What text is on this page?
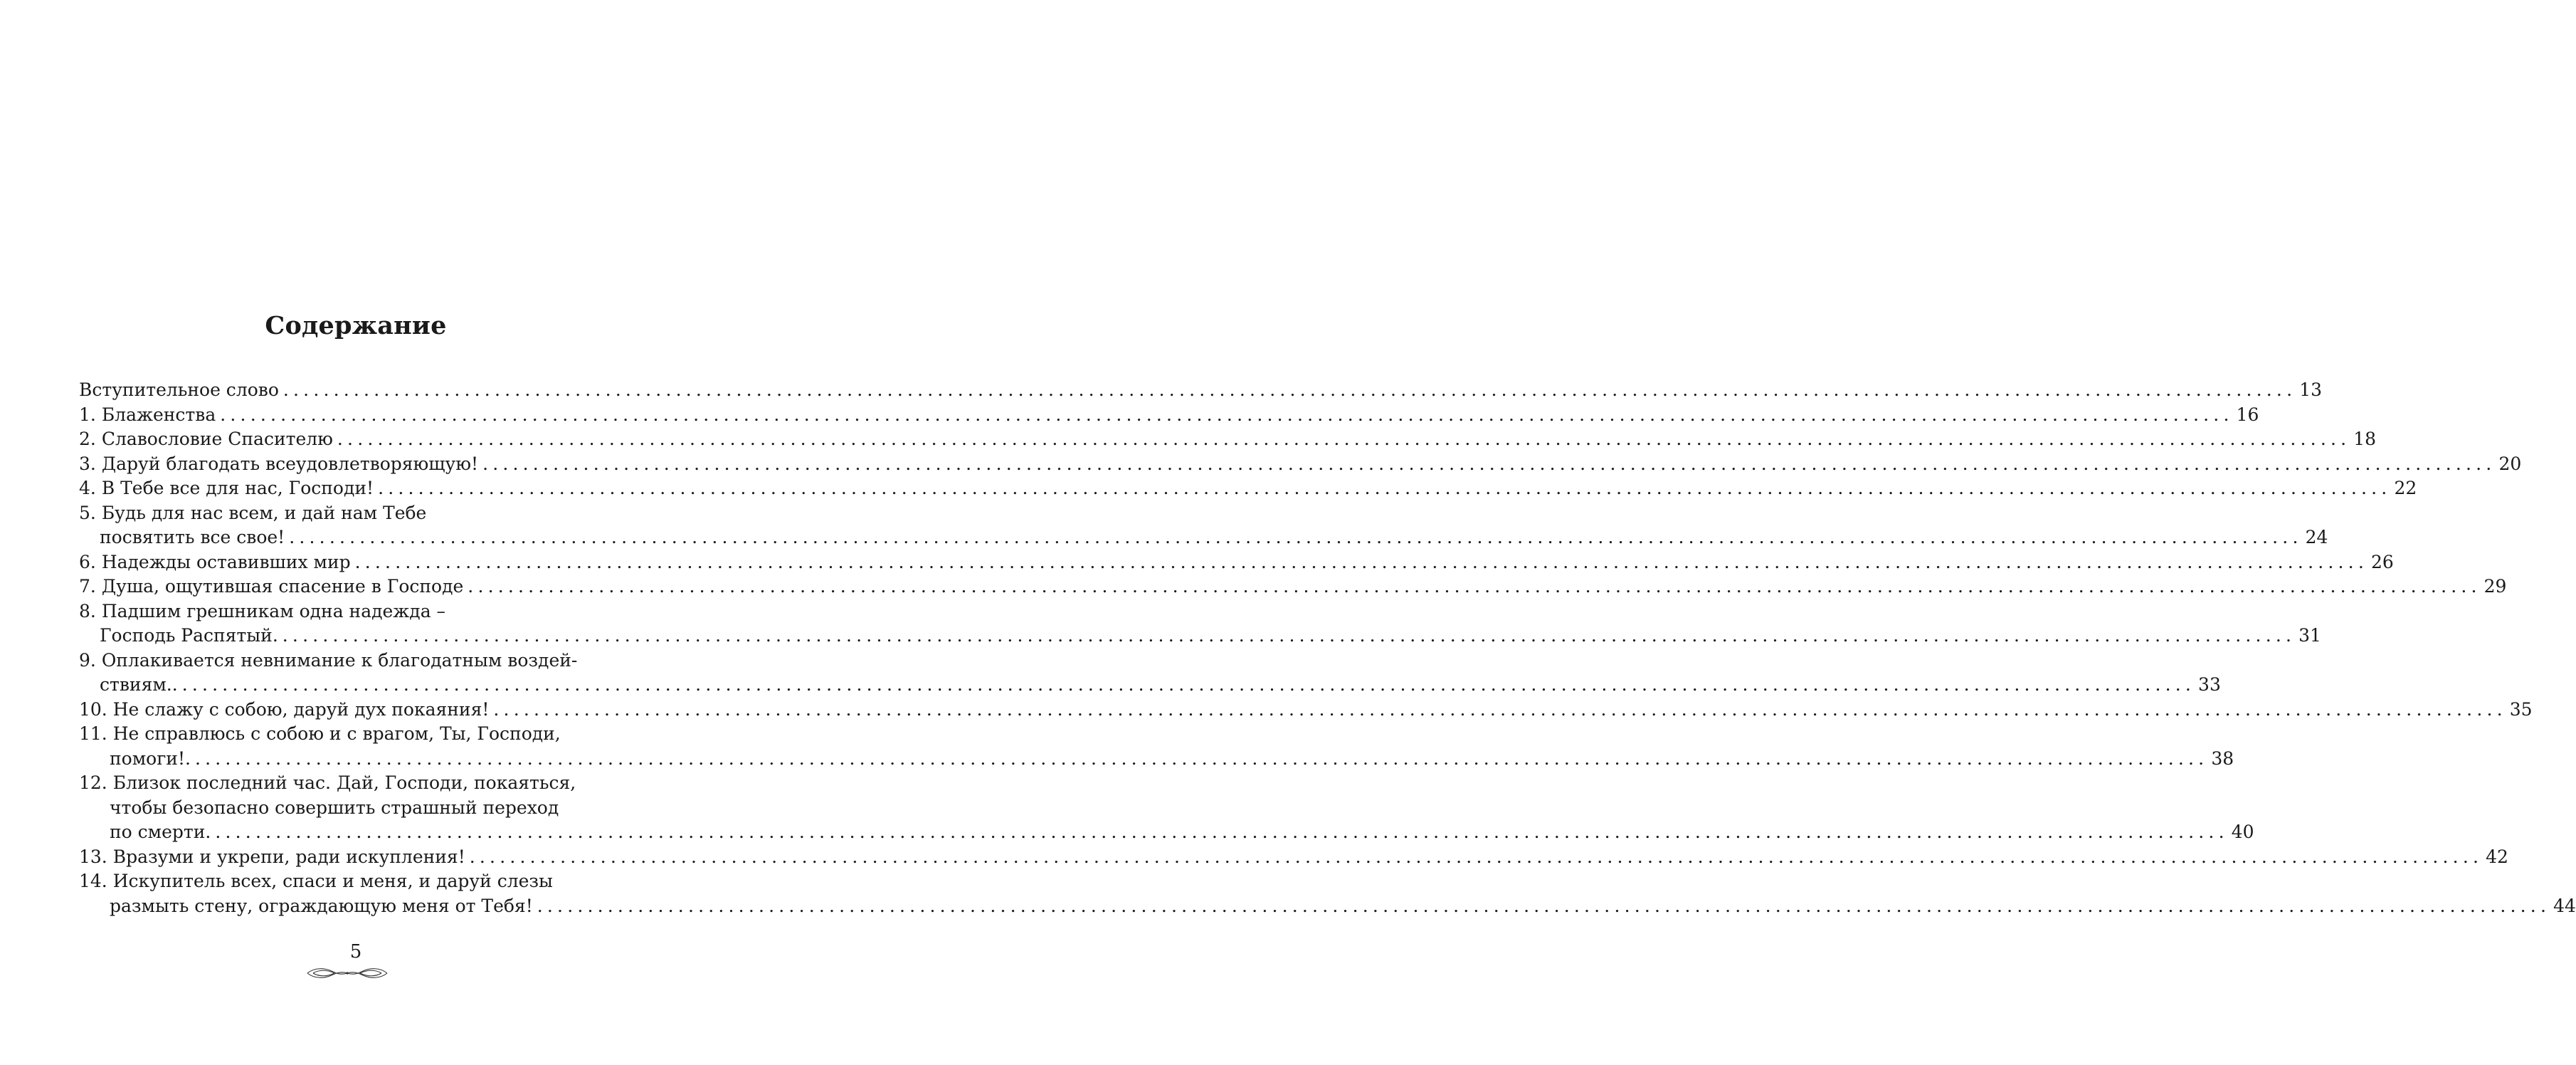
Содержание
Вступительное слово ........................................................................................................................................................................................................ 13
1. Блаженства ........................................................................................................................................................................................................ 16
2. Славословие Спасителю ........................................................................................................................................................................................................ 18
3. Даруй благодать всеудовлетворяющую! ........................................................................................................................................................................................................ 20
4. В Тебе все для нас, Господи! ........................................................................................................................................................................................................ 22
5. Будь для нас всем, и дай нам Тебе
посвятить все свое! ........................................................................................................................................................................................................ 24
6. Надежды оставивших мир ........................................................................................................................................................................................................ 26
7. Душа, ощутившая спасение в Господе ........................................................................................................................................................................................................ 29
8. Падшим грешникам одна надежда –
Господь Распятый. ........................................................................................................................................................................................................ 31
9. Оплакивается невнимание к благодатным воздей-
ствиям.. ........................................................................................................................................................................................................ 33
10. Не слажу с собою, даруй дух покаяния! ........................................................................................................................................................................................................ 35
11. Не справлюсь с собою и с врагом, Ты, Господи,
помоги!. ........................................................................................................................................................................................................ 38
12. Близок последний час. Дай, Господи, покаяться,
чтобы безопасно совершить страшный переход
по смерти. ........................................................................................................................................................................................................ 40
13. Вразуми и укрепи, ради искупления! ........................................................................................................................................................................................................ 42
14. Искупитель всех, спаси и меня, и даруй слезы
размыть стену, ограждающую меня от Тебя! ........................................................................................................................................................................................................ 44
5
